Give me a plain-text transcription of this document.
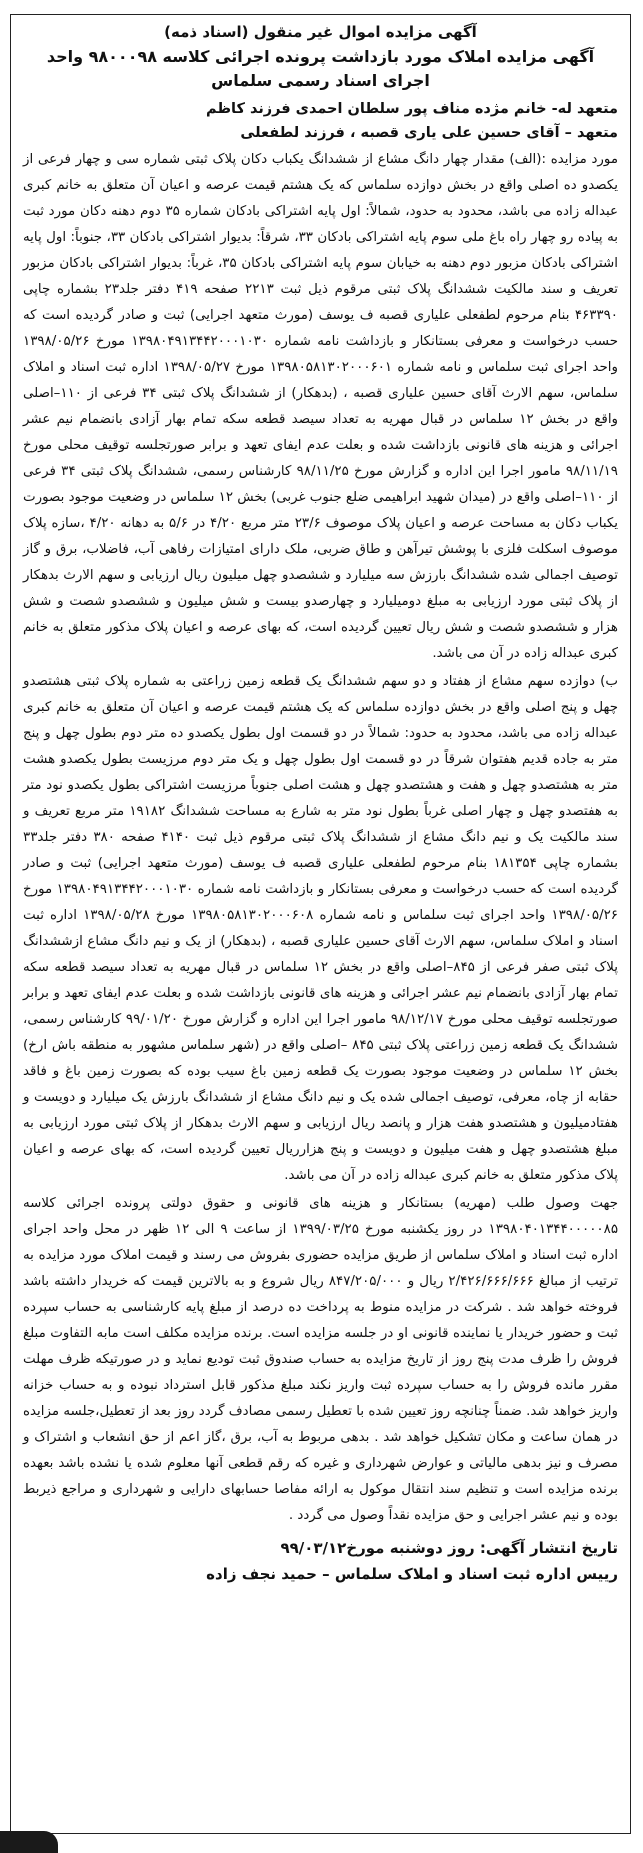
آگهی مزایده اموال غیر منقول (اسناد ذمه)
آگهی مزایده املاک مورد بازداشت پرونده اجرائی کلاسه ۹۸۰۰۰۹۸ واحد اجرای اسناد رسمی سلماس
متعهد له- خانم مژده مناف پور سلطان احمدی فرزند کاظم
متعهد – آقای حسین علی یاری قصبه ، فرزند لطفعلی

مورد مزایده :(الف) مقدار چهار دانگ مشاع از ششدانگ یکباب دکان پلاک ثبتی شماره سی و چهار فرعی از یکصدو ده اصلی واقع در بخش دوازده سلماس که یک هشتم قیمت عرصه و اعیان آن متعلق به خانم کبری عبداله زاده می باشد، محدود به حدود، شمالاً: اول پایه اشتراکی بادکان شماره ۳۵ دوم دهنه دکان مورد ثبت به پیاده رو چهار راه باغ ملی سوم پایه اشتراکی بادکان ۳۳، شرقاً: بدیوار اشتراکی بادکان ۳۳، جنوباً: اول پایه اشتراکی بادکان مزبور دوم دهنه به خیابان سوم پایه اشتراکی بادکان ۳۵، غرباً: بدیوار اشتراکی بادکان مزبور تعریف و سند مالکیت ششدانگ پلاک ثبتی مرقوم ذیل ثبت ۲۲۱۳ صفحه ۴۱۹ دفتر جلد۲۳ بشماره چاپی ۴۶۳۳۹۰ بنام مرحوم لطفعلی علیاری قصبه ف یوسف (مورث متعهد اجرایی) ثبت و صادر گردیده است که حسب درخواست و معرفی بستانکار و بازداشت نامه شماره ۱۳۹۸۰۴۹۱۳۴۴۲۰۰۰۱۰۳۰ مورخ ۱۳۹۸/۰۵/۲۶ واحد اجرای ثبت سلماس و نامه شماره ۱۳۹۸۰۵۸۱۳۰۲۰۰۰۶۰۱ مورخ ۱۳۹۸/۰۵/۲۷ اداره ثبت اسناد و املاک سلماس، سهم الارث آقای حسین علیاری قصبه ، (بدهکار) از ششدانگ پلاک ثبتی ۳۴ فرعی از ۱۱۰–اصلی واقع در بخش ۱۲ سلماس در قبال مهریه به تعداد سیصد قطعه سکه تمام بهار آزادی بانضمام نیم عشر اجرائی و هزینه های قانونی بازداشت شده و بعلت عدم ایفای تعهد و برابر صورتجلسه توقیف محلی مورخ ۹۸/۱۱/۱۹ مامور اجرا این اداره و گزارش مورخ ۹۸/۱۱/۲۵ کارشناس رسمی، ششدانگ پلاک ثبتی ۳۴ فرعی از ۱۱۰–اصلی واقع در (میدان شهید ابراهیمی ضلع جنوب غربی) بخش ۱۲ سلماس در وضعیت موجود بصورت یکباب دکان به مساحت عرصه و اعیان پلاک موصوف ۲۳/۶ متر مربع ۴/۲۰ در ۵/۶ به دهانه ۴/۲۰ ،سازه پلاک موصوف اسکلت فلزی با پوشش تیرآهن و طاق ضربی، ملک دارای امتیازات رفاهی آب، فاضلاب، برق و گاز توصیف اجمالی شده ششدانگ بارزش سه میلیارد و ششصدو چهل میلیون ریال ارزیابی و سهم الارث بدهکار از پلاک ثبتی مورد ارزیابی به مبلغ دومیلیارد و چهارصدو بیست و شش میلیون و ششصدو شصت و شش هزار و ششصدو شصت و شش ریال تعیین گردیده است، که بهای عرصه و اعیان پلاک مذکور متعلق به خانم کبری عبداله زاده در آن می باشد.

ب) دوازده سهم مشاع از هفتاد و دو سهم ششدانگ یک قطعه زمین زراعتی به شماره پلاک ثبتی هشتصدو چهل و پنج اصلی واقع در بخش دوازده سلماس که یک هشتم قیمت عرصه و اعیان آن متعلق به خانم کبری عبداله زاده می باشد، محدود به حدود: شمالاً در دو قسمت اول بطول یکصدو ده متر دوم بطول چهل و پنج متر به جاده قدیم هفتوان شرقاً در دو قسمت اول بطول چهل و یک متر دوم مرزیست بطول یکصدو هشت متر به هشتصدو چهل و هفت و هشتصدو چهل و هشت اصلی جنوباً مرزیست اشتراکی بطول یکصدو نود متر به هفتصدو چهل و چهار اصلی غرباً بطول نود متر به شارع به مساحت ششدانگ ۱۹۱۸۲ متر مربع تعریف و سند مالکیت یک و نیم دانگ مشاع از ششدانگ پلاک ثبتی مرقوم ذیل ثبت ۴۱۴۰ صفحه ۳۸۰ دفتر جلد۳۳ بشماره چاپی ۱۸۱۳۵۴ بنام مرحوم لطفعلی علیاری قصبه ف یوسف (مورث متعهد اجرایی) ثبت و صادر گردیده است که حسب درخواست و معرفی بستانکار و بازداشت نامه شماره ۱۳۹۸۰۴۹۱۳۴۴۲۰۰۰۱۰۳۰ مورخ ۱۳۹۸/۰۵/۲۶ واحد اجرای ثبت سلماس و نامه شماره ۱۳۹۸۰۵۸۱۳۰۲۰۰۰۶۰۸ مورخ ۱۳۹۸/۰۵/۲۸ اداره ثبت اسناد و املاک سلماس، سهم الارث آقای حسین علیاری قصبه ، (بدهکار) از یک و نیم دانگ مشاع ازششدانگ پلاک ثبتی صفر فرعی از ۸۴۵–اصلی واقع در بخش ۱۲ سلماس در قبال مهریه به تعداد سیصد قطعه سکه تمام بهار آزادی بانضمام نیم عشر اجرائی و هزینه های قانونی بازداشت شده و بعلت عدم ایفای تعهد و برابر صورتجلسه توقیف محلی مورخ ۹۸/۱۲/۱۷ مامور اجرا این اداره و گزارش مورخ ۹۹/۰۱/۲۰ کارشناس رسمی، ششدانگ یک قطعه زمین زراعتی پلاک ثبتی ۸۴۵ –اصلی واقع در (شهر سلماس مشهور به منطقه باش ارخ) بخش ۱۲ سلماس در وضعیت موجود بصورت یک قطعه زمین باغ سیب بوده که بصورت زمین باغ و فاقد حقابه از چاه، معرفی، توصیف اجمالی شده یک و نیم دانگ مشاع از ششدانگ بارزش یک میلیارد و دویست و هفتادمیلیون و هشتصدو هفت هزار و پانصد ریال ارزیابی و سهم الارث بدهکار از پلاک ثبتی مورد ارزیابی به مبلغ هشتصدو چهل و هفت میلیون و دویست و پنج هزارریال تعیین گردیده است، که بهای عرصه و اعیان پلاک مذکور متعلق به خانم کبری عبداله زاده در آن می باشد.

جهت وصول طلب (مهریه) بستانکار و هزینه های قانونی و حقوق دولتی پرونده اجرائی کلاسه ۱۳۹۸۰۴۰۱۳۴۴۰۰۰۰۰۸۵ در روز یکشنبه مورخ ۱۳۹۹/۰۳/۲۵ از ساعت ۹ الی ۱۲ ظهر در محل واحد اجرای اداره ثبت اسناد و املاک سلماس از طریق مزایده حضوری بفروش می رسند و قیمت املاک مورد مزایده به ترتیب از مبالغ ۲/۴۲۶/۶۶۶/۶۶۶ ریال و ۸۴۷/۲۰۵/۰۰۰ ریال شروع و به بالاترین قیمت که خریدار داشته باشد فروخته خواهد شد . شرکت در مزایده منوط به پرداخت ده درصد از مبلغ پایه کارشناسی به حساب سپرده ثبت و حضور خریدار یا نماینده قانونی او در جلسه مزایده است. برنده مزایده مکلف است مابه التفاوت مبلغ فروش را ظرف مدت پنج روز از تاریخ مزایده به حساب صندوق ثبت تودیع نماید و در صورتیکه ظرف مهلت مقرر مانده فروش را به حساب سپرده ثبت واریز نکند مبلغ مذکور قابل استرداد نبوده و به حساب خزانه واریز خواهد شد. ضمناً چنانچه روز تعیین شده با تعطیل رسمی مصادف گردد روز بعد از تعطیل،جلسه مزایده در همان ساعت و مکان تشکیل خواهد شد . بدهی مربوط به آب، برق ،گاز اعم از حق انشعاب و اشتراک و مصرف و نیز بدهی مالیاتی و عوارض شهرداری و غیره که رقم قطعی آنها معلوم شده یا نشده باشد بعهده برنده مزایده است و تنظیم سند انتقال موکول به ارائه مفاصا حسابهای دارایی و شهرداری و مراجع ذیربط بوده و نیم عشر اجرایی و حق مزایده نقداً وصول می گردد .

تاریخ انتشار آگهی: روز دوشنبه مورخ۹۹/۰۳/۱۲
رییس اداره ثبت اسناد و املاک سلماس – حمید نجف زاده
